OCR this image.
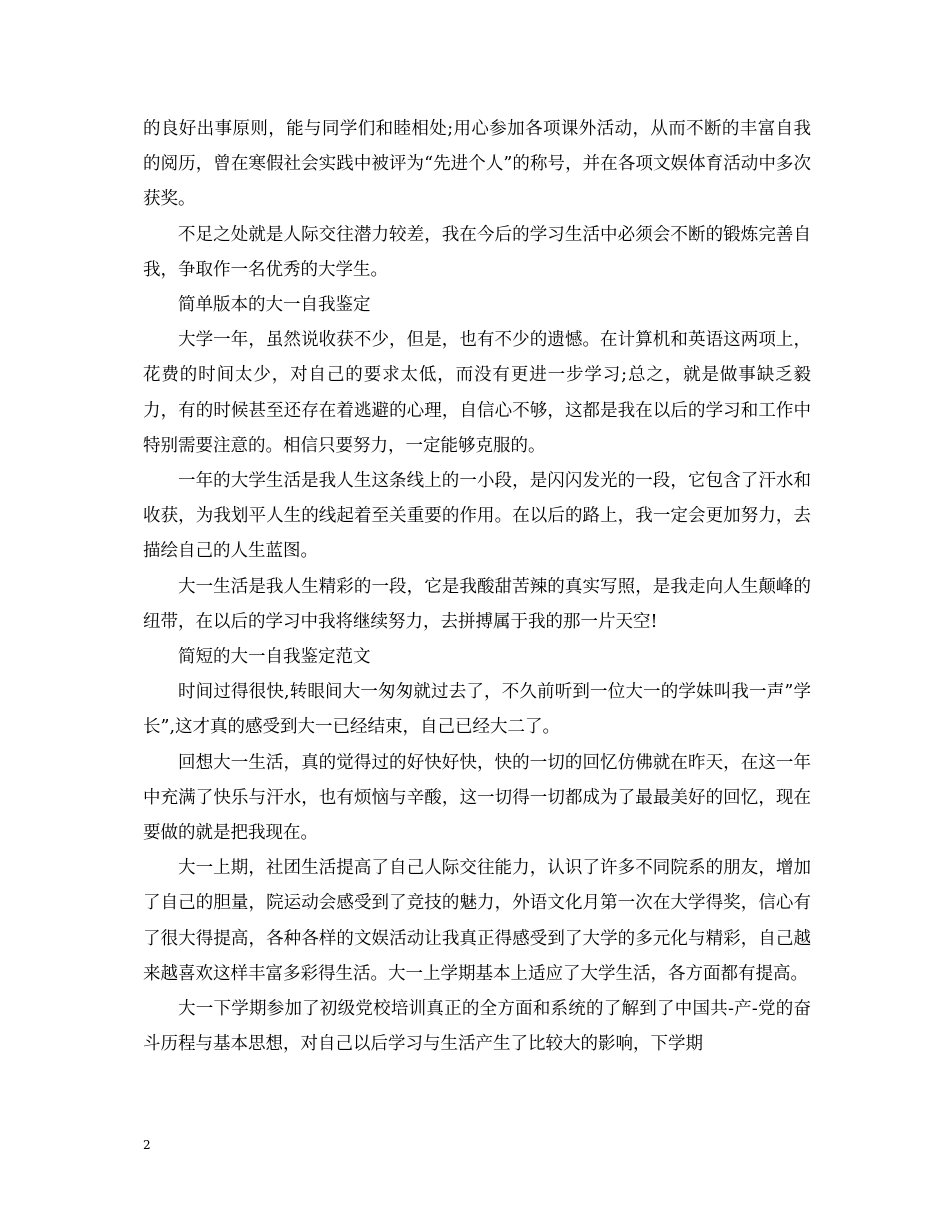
的良好出事原则，能与同学们和睦相处;用心参加各项课外活动，从而不断的丰富自我的阅历，曾在寒假社会实践中被评为“先进个人”的称号，并在各项文娱体育活动中多次获奖。

不足之处就是人际交往潜力较差，我在今后的学习生活中必须会不断的锻炼完善自我，争取作一名优秀的大学生。

简单版本的大一自我鉴定

大学一年，虽然说收获不少，但是，也有不少的遗憾。在计算机和英语这两项上，花费的时间太少，对自己的要求太低，而没有更进一步学习;总之，就是做事缺乏毅力，有的时候甚至还存在着逃避的心理，自信心不够，这都是我在以后的学习和工作中特别需要注意的。相信只要努力，一定能够克服的。

一年的大学生活是我人生这条线上的一小段，是闪闪发光的一段，它包含了汗水和收获，为我划平人生的线起着至关重要的作用。在以后的路上，我一定会更加努力，去描绘自己的人生蓝图。

大一生活是我人生精彩的一段，它是我酸甜苦辣的真实写照，是我走向人生颠峰的纽带，在以后的学习中我将继续努力，去拼搏属于我的那一片天空!

简短的大一自我鉴定范文

时间过得很快,转眼间大一匆匆就过去了，不久前听到一位大一的学妹叫我一声”学长”,这才真的感受到大一已经结束，自己已经大二了。

回想大一生活，真的觉得过的好快好快，快的一切的回忆仿佛就在昨天，在这一年中充满了快乐与汗水，也有烦恼与辛酸，这一切得一切都成为了最最美好的回忆，现在要做的就是把我现在。

大一上期，社团生活提高了自己人际交往能力，认识了许多不同院系的朋友，增加了自己的胆量，院运动会感受到了竞技的魅力，外语文化月第一次在大学得奖，信心有了很大得提高，各种各样的文娱活动让我真正得感受到了大学的多元化与精彩，自己越来越喜欢这样丰富多彩得生活。大一上学期基本上适应了大学生活，各方面都有提高。

大一下学期参加了初级党校培训真正的全方面和系统的了解到了中国共-产-党的奋斗历程与基本思想，对自己以后学习与生活产生了比较大的影响，下学期

2
